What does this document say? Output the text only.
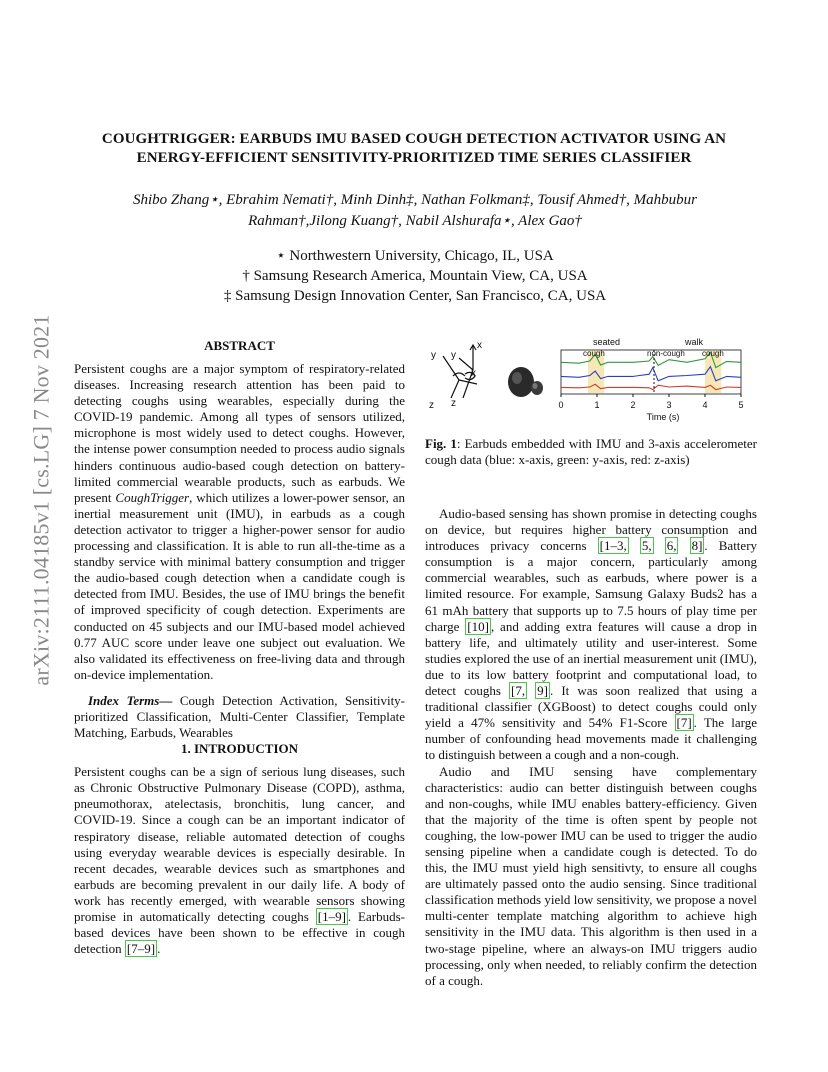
arXiv:2111.04185v1 [cs.LG] 7 Nov 2021
COUGHTRIGGER: EARBUDS IMU BASED COUGH DETECTION ACTIVATOR USING AN
ENERGY-EFFICIENT SENSITIVITY-PRIORITIZED TIME SERIES CLASSIFIER
Shibo Zhang⋆, Ebrahim Nemati†, Minh Dinh‡, Nathan Folkman‡, Tousif Ahmed†, Mahbubur
Rahman†,Jilong Kuang†, Nabil Alshurafa⋆, Alex Gao†
⋆ Northwestern University, Chicago, IL, USA
† Samsung Research America, Mountain View, CA, USA
‡ Samsung Design Innovation Center, San Francisco, CA, USA
ABSTRACT

Persistent coughs are a major symptom of respiratory-related diseases. Increasing research attention has been paid to detecting coughs using wearables, especially during the COVID-19 pandemic. Among all types of sensors utilized, microphone is most widely used to detect coughs. However, the intense power consumption needed to process audio signals hinders continuous audio-based cough detection on battery-limited commercial wearable products, such as earbuds. We present CoughTrigger, which utilizes a lower-power sensor, an inertial measurement unit (IMU), in earbuds as a cough detection activator to trigger a higher-power sensor for audio processing and classification. It is able to run all-the-time as a standby service with minimal battery consumption and trigger the audio-based cough detection when a candidate cough is detected from IMU. Besides, the use of IMU brings the benefit of improved specificity of cough detection. Experiments are conducted on 45 subjects and our IMU-based model achieved 0.77 AUC score under leave one subject out evaluation. We also validated its effectiveness on free-living data and through on-device implementation.

Index Terms— Cough Detection Activation, Sensitivity-prioritized Classification, Multi-Center Classifier, Template Matching, Earbuds, Wearables

1. INTRODUCTION

Persistent coughs can be a sign of serious lung diseases, such as Chronic Obstructive Pulmonary Disease (COPD), asthma, pneumothorax, atelectasis, bronchitis, lung cancer, and COVID-19. Since a cough can be an important indicator of respiratory disease, reliable automated detection of coughs using everyday wearable devices is especially desirable. In recent decades, wearable devices such as smartphones and earbuds are becoming prevalent in our daily life. A body of work has recently emerged, with wearable sensors showing promise in automatically detecting coughs [1–9] . Earbuds-based devices have been shown to be effective in cough detection [7–9] .

x
y
y
x
z
z
seated	walk
cough	non-cough cough
0	1	2	3	4	5
Time (s)

Fig. 1: Earbuds embedded with IMU and 3-axis accelerometer cough data (blue: x-axis, green: y-axis, red: z-axis)

Audio-based sensing has shown promise in detecting coughs on device, but requires higher battery consumption and introduces privacy concerns [1–3, 5, 6, 8] . Battery consumption is a major concern, particularly among commercial wearables, such as earbuds, where power is a limited resource. For example, Samsung Galaxy Buds2 has a 61 mAh battery that supports up to 7.5 hours of play time per charge [10] , and adding extra features will cause a drop in battery life, and ultimately utility and user-interest. Some studies explored the use of an inertial measurement unit (IMU), due to its low battery footprint and computational load, to detect coughs [7, 9] . It was soon realized that using a traditional classifier (XGBoost) to detect coughs could only yield a 47% sensitivity and 54% F1-Score [7] . The large number of confounding head movements made it challenging to distinguish between a cough and a non-cough.

Audio and IMU sensing have complementary characteristics: audio can better distinguish between coughs and non-coughs, while IMU enables battery-efficiency. Given that the majority of the time is often spent by people not coughing, the low-power IMU can be used to trigger the audio sensing pipeline when a candidate cough is detected. To do this, the IMU must yield high sensitivty, to ensure all coughs are ultimately passed onto the audio sensing. Since traditional classification methods yield low sensitivity, we propose a novel multi-center template matching algorithm to achieve high sensitivity in the IMU data. This algorithm is then used in a two-stage pipeline, where an always-on IMU triggers audio processing, only when needed, to reliably confirm the detection of a cough.
